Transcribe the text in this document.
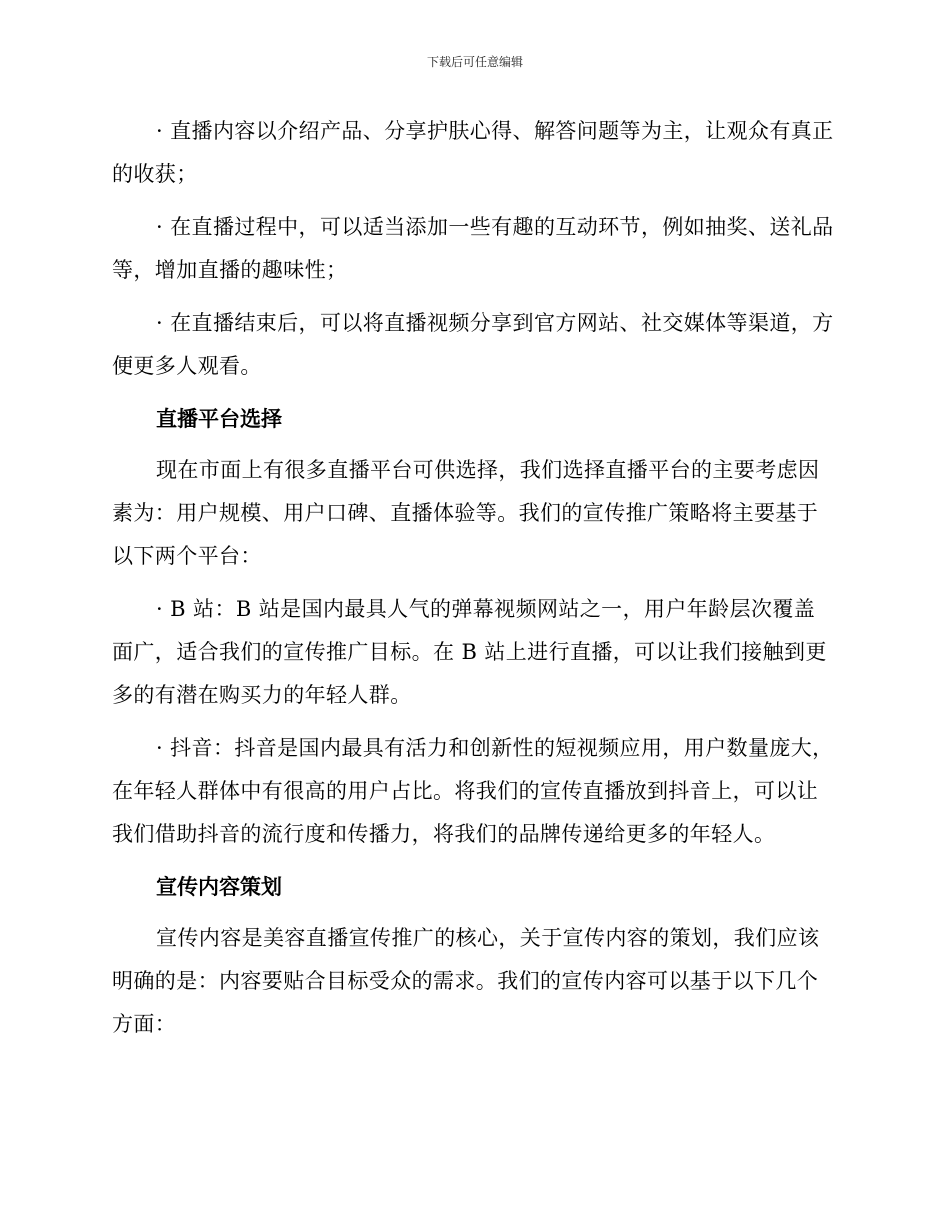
下载后可任意编辑

· 直播内容以介绍产品、分享护肤心得、解答问题等为主，让观众有真正的收获；

· 在直播过程中，可以适当添加一些有趣的互动环节，例如抽奖、送礼品等，增加直播的趣味性；

· 在直播结束后，可以将直播视频分享到官方网站、社交媒体等渠道，方便更多人观看。

直播平台选择

现在市面上有很多直播平台可供选择，我们选择直播平台的主要考虑因素为：用户规模、用户口碑、直播体验等。我们的宣传推广策略将主要基于以下两个平台：

· B 站：B 站是国内最具人气的弹幕视频网站之一，用户年龄层次覆盖面广，适合我们的宣传推广目标。在 B 站上进行直播，可以让我们接触到更多的有潜在购买力的年轻人群。

· 抖音：抖音是国内最具有活力和创新性的短视频应用，用户数量庞大，在年轻人群体中有很高的用户占比。将我们的宣传直播放到抖音上，可以让我们借助抖音的流行度和传播力，将我们的品牌传递给更多的年轻人。

宣传内容策划

宣传内容是美容直播宣传推广的核心，关于宣传内容的策划，我们应该明确的是：内容要贴合目标受众的需求。我们的宣传内容可以基于以下几个方面：
